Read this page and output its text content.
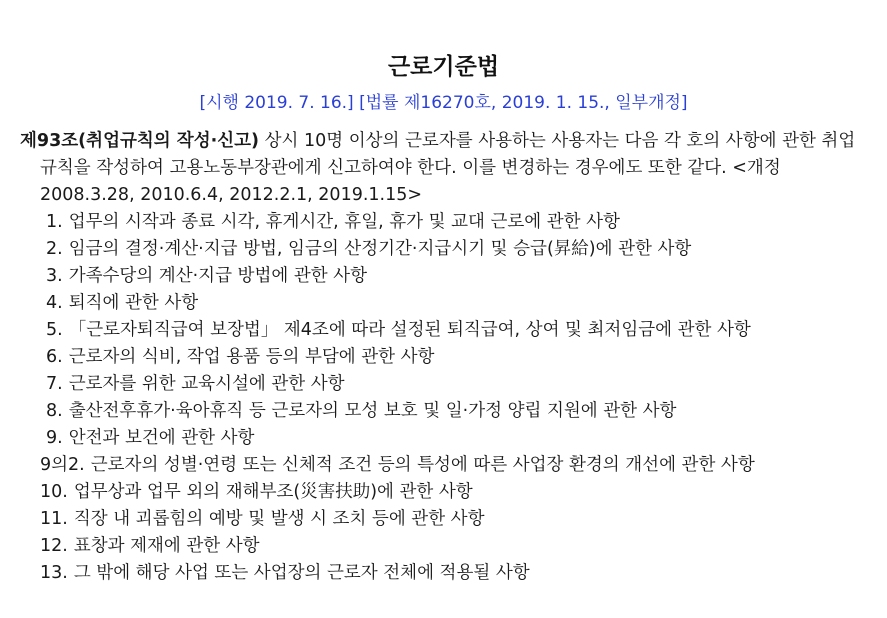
근로기준법
[시행 2019. 7. 16.] [법률 제16270호, 2019. 1. 15., 일부개정]

제93조(취업규칙의 작성·신고) 상시 10명 이상의 근로자를 사용하는 사용자는 다음 각 호의 사항에 관한 취업규칙을 작성하여 고용노동부장관에게 신고하여야 한다. 이를 변경하는 경우에도 또한 같다. <개정 2008.3.28, 2010.6.4, 2012.2.1, 2019.1.15>

1. 업무의 시작과 종료 시각, 휴게시간, 휴일, 휴가 및 교대 근로에 관한 사항
2. 임금의 결정·계산·지급 방법, 임금의 산정기간·지급시기 및 승급(昇給)에 관한 사항
3. 가족수당의 계산·지급 방법에 관한 사항
4. 퇴직에 관한 사항
5. 「근로자퇴직급여 보장법」 제4조에 따라 설정된 퇴직급여, 상여 및 최저임금에 관한 사항
6. 근로자의 식비, 작업 용품 등의 부담에 관한 사항
7. 근로자를 위한 교육시설에 관한 사항
8. 출산전후휴가·육아휴직 등 근로자의 모성 보호 및 일·가정 양립 지원에 관한 사항
9. 안전과 보건에 관한 사항
9의2. 근로자의 성별·연령 또는 신체적 조건 등의 특성에 따른 사업장 환경의 개선에 관한 사항
10. 업무상과 업무 외의 재해부조(災害扶助)에 관한 사항
11. 직장 내 괴롭힘의 예방 및 발생 시 조치 등에 관한 사항
12. 표창과 제재에 관한 사항
13. 그 밖에 해당 사업 또는 사업장의 근로자 전체에 적용될 사항
